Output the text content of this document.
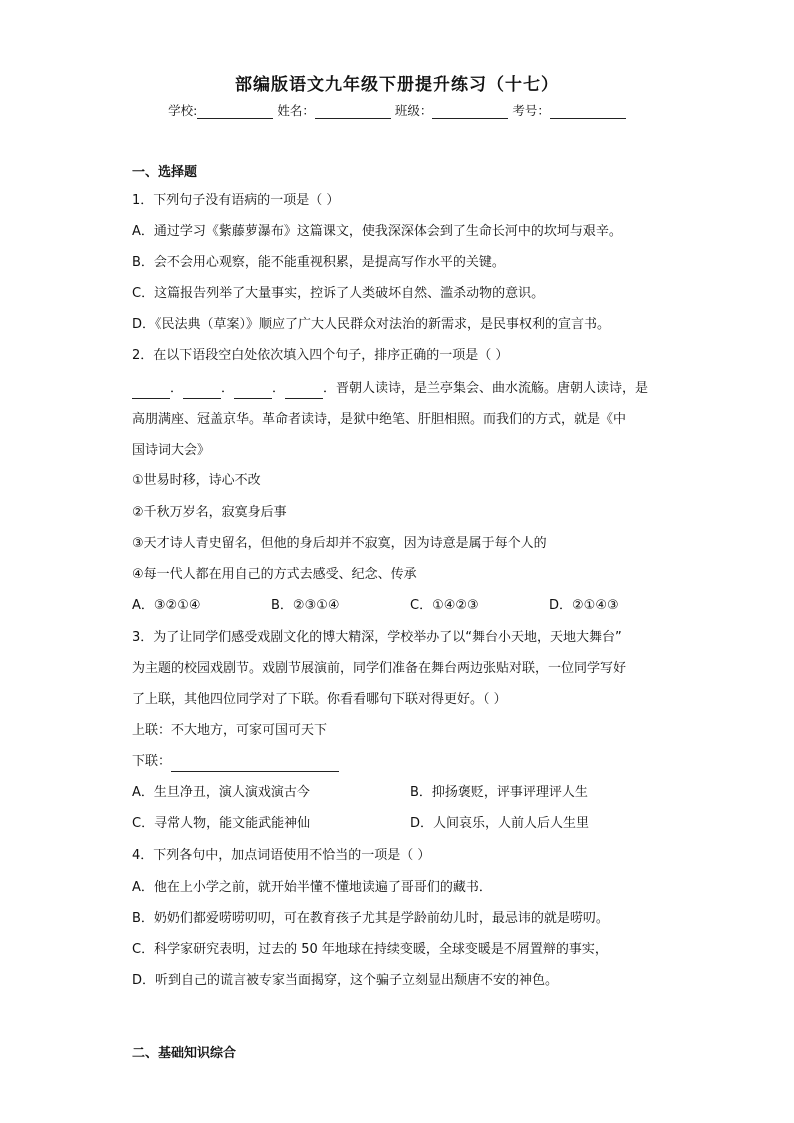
部编版语文九年级下册提升练习（十七）
学校:	姓名：	班级：	考号：
一、选择题
1．下列句子没有语病的一项是（ ）
A．通过学习《紫藤萝瀑布》这篇课文，使我深深体会到了生命长河中的坎坷与艰辛。
B．会不会用心观察，能不能重视积累，是提高写作水平的关键。
C．这篇报告列举了大量事实，控诉了人类破坏自然、滥杀动物的意识。
D．《民法典（草案）》顺应了广大人民群众对法治的新需求，是民事权利的宣言书。
2．在以下语段空白处依次填入四个句子，排序正确的一项是（ ）
．	．	．	．晋朝人读诗，是兰亭集会、曲水流觞。唐朝人读诗，是
高朋满座、冠盖京华。革命者读诗，是狱中绝笔、肝胆相照。而我们的方式，就是《中
国诗词大会》
①世易时移，诗心不改
②千秋万岁名，寂寞身后事
③天才诗人青史留名，但他的身后却并不寂寞，因为诗意是属于每个人的
④每一代人都在用自己的方式去感受、纪念、传承
A．③②①④	B．②③①④	C．①④②③	D．②①④③
3．为了让同学们感受戏剧文化的博大精深，学校举办了以“舞台小天地，天地大舞台”
为主题的校园戏剧节。戏剧节展演前，同学们准备在舞台两边张贴对联，一位同学写好
了上联，其他四位同学对了下联。你看看哪句下联对得更好。（ ）
上联：不大地方，可家可国可天下
下联：
A．生旦净丑，演人演戏演古今	B．抑扬褒贬，评事评理评人生
C．寻常人物，能文能武能神仙	D．人间哀乐，人前人后人生里
4．下列各句中，加点词语使用不恰当的一项是（ ）
A．他在上小学之前，就开始半懂不懂地读遍了哥哥们的藏书．
B．奶奶们都爱唠唠叨叨，可在教育孩子尤其是学龄前幼儿时，最忌讳的就是唠叨。
C．科学家研究表明，过去的 50 年地球在持续变暖，全球变暖是不屑置辩的事实，
D．听到自己的谎言被专家当面揭穿，这个骗子立刻显出颓唐不安的神色。
二、基础知识综合
